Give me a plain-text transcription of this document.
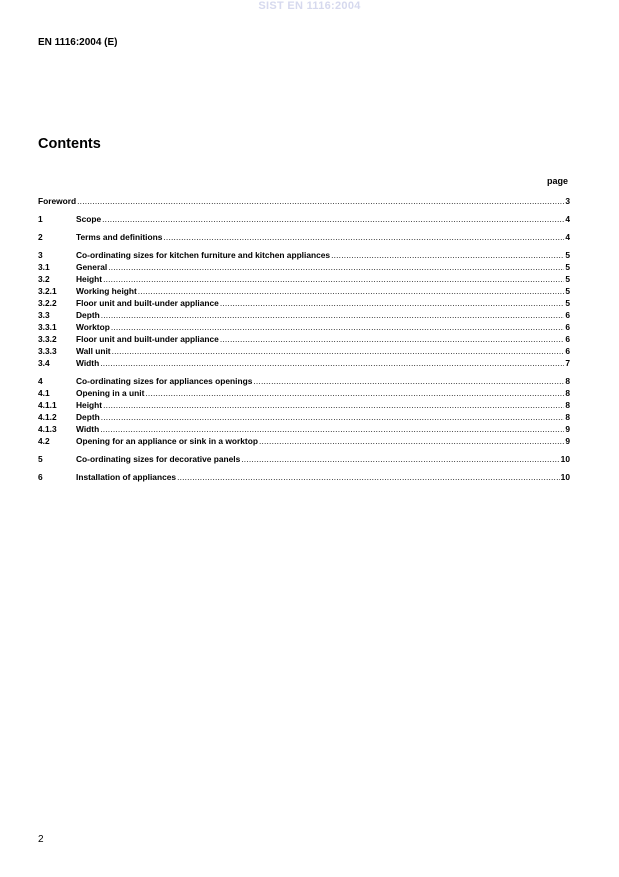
SIST EN 1116:2004
EN 1116:2004 (E)
Contents
page
Foreword .....	3
1	Scope .....	4
2	Terms and definitions .....	4
3	Co-ordinating sizes for kitchen furniture and kitchen appliances .....	5
3.1	General .....	5
3.2	Height .....	5
3.2.1	Working height .....	5
3.2.2	Floor unit and built-under appliance .....	5
3.3	Depth .....	6
3.3.1	Worktop .....	6
3.3.2	Floor unit and built-under appliance .....	6
3.3.3	Wall unit .....	6
3.4	Width .....	7
4	Co-ordinating sizes for appliances openings .....	8
4.1	Opening in a unit .....	8
4.1.1	Height .....	8
4.1.2	Depth .....	8
4.1.3	Width .....	9
4.2	Opening for an appliance or sink in a worktop .....	9
5	Co-ordinating sizes for decorative panels .....	10
6	Installation of appliances .....	10
2
